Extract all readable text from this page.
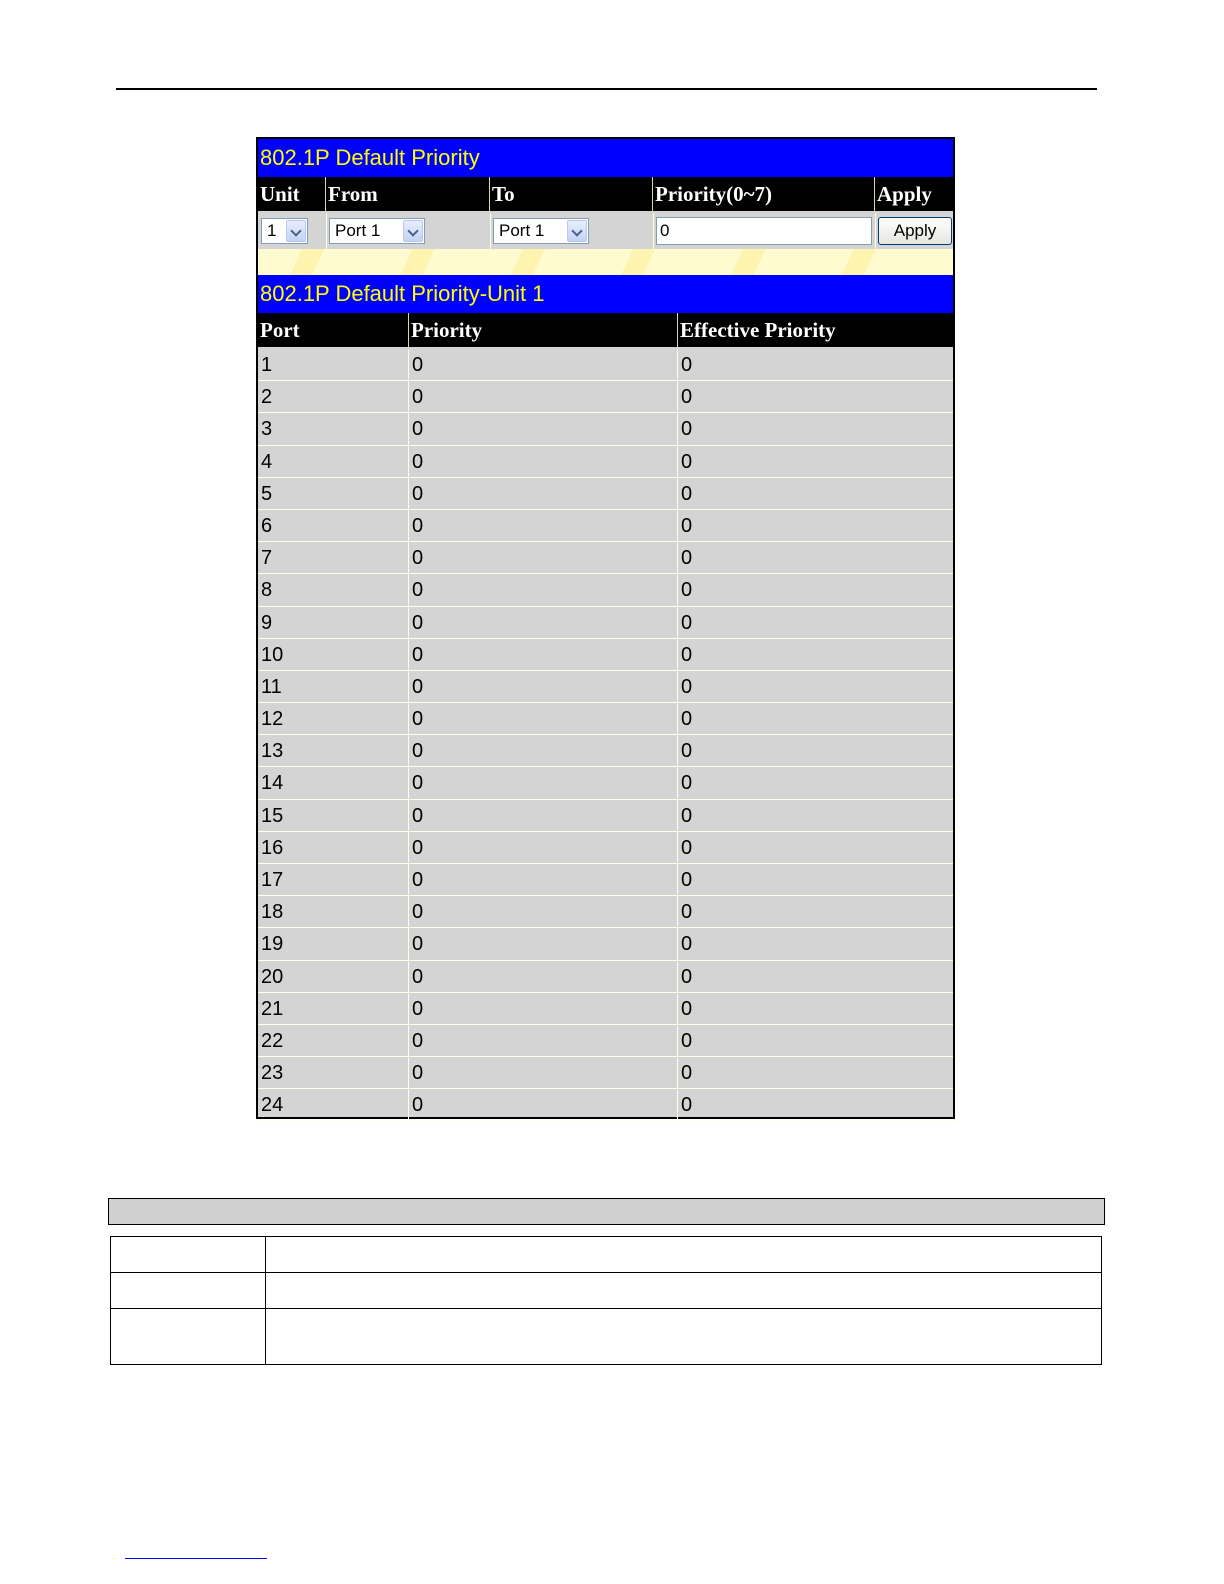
802.1P Default Priority
Unit	From	To	Priority(0~7)	Apply
1	Port 1	Port 1	0	Apply
802.1P Default Priority-Unit 1
Port	Priority	Effective Priority
1	0	0
2	0	0
3	0	0
4	0	0
5	0	0
6	0	0
7	0	0
8	0	0
9	0	0
10	0	0
11	0	0
12	0	0
13	0	0
14	0	0
15	0	0
16	0	0
17	0	0
18	0	0
19	0	0
20	0	0
21	0	0
22	0	0
23	0	0
24	0	0
